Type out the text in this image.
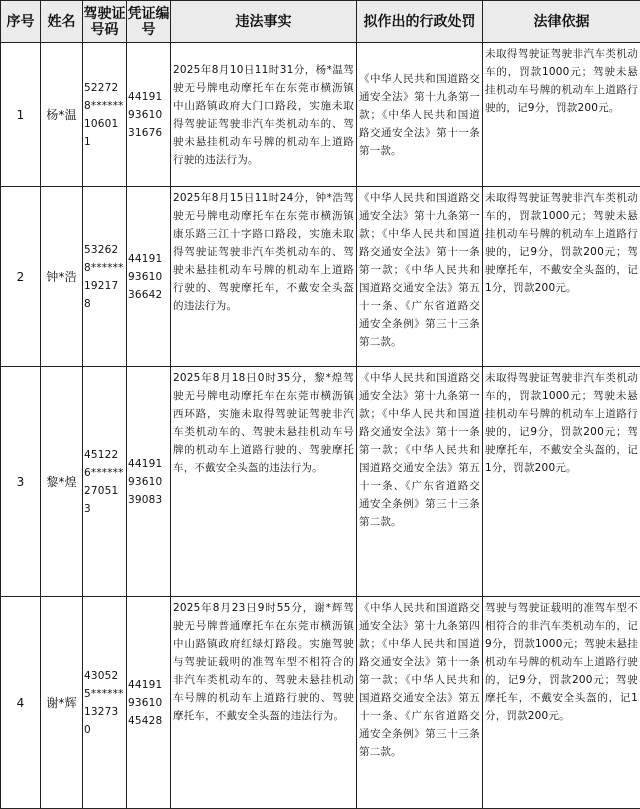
序号	姓名	驾驶证号码	凭证编号	违法事实	拟作出的行政处罚	法律依据
1	杨*温	522728******106011	441919361031676	2025年8月10日11时31分，杨*温驾驶无号牌电动摩托车在东莞市横沥镇中山路镇政府大门口路段，实施未取得驾驶证驾驶非汽车类机动车的、驾驶未悬挂机动车号牌的机动车上道路行驶的违法行为。	《中华人民共和国道路交通安全法》第十九条第一款；《中华人民共和国道路交通安全法》第十一条第一款。	未取得驾驶证驾驶非汽车类机动车的，罚款1000元；驾驶未悬挂机动车号牌的机动车上道路行驶的，记9分，罚款200元。
2	钟*浩	532628******192178	441919361036642	2025年8月15日11时24分，钟*浩驾驶无号牌电动摩托车在东莞市横沥镇康乐路三江十字路口路段，实施未取得驾驶证驾驶非汽车类机动车的、驾驶未悬挂机动车号牌的机动车上道路行驶的、驾驶摩托车，不戴安全头盔的违法行为。	《中华人民共和国道路交通安全法》第十九条第一款；《中华人民共和国道路交通安全法》第十一条第一款；《中华人民共和国道路交通安全法》第五十一条、《广东省道路交通安全条例》第三十三条第二款。	未取得驾驶证驾驶非汽车类机动车的，罚款1000元；驾驶未悬挂机动车号牌的机动车上道路行驶的，记9分，罚款200元；驾驶摩托车，不戴安全头盔的，记1分，罚款200元。
3	黎*煌	451226******270513	441919361039083	2025年8月18日0时35分，黎*煌驾驶无号牌电动摩托车在东莞市横沥镇西环路，实施未取得驾驶证驾驶非汽车类机动车的、驾驶未悬挂机动车号牌的机动车上道路行驶的、驾驶摩托车，不戴安全头盔的违法行为。	《中华人民共和国道路交通安全法》第十九条第一款；《中华人民共和国道路交通安全法》第十一条第一款；《中华人民共和国道路交通安全法》第五十一条、《广东省道路交通安全条例》第三十三条第二款。	未取得驾驶证驾驶非汽车类机动车的，罚款1000元；驾驶未悬挂机动车号牌的机动车上道路行驶的，记9分，罚款200元；驾驶摩托车，不戴安全头盔的，记1分，罚款200元。
4	谢*辉	430525******132730	441919361045428	2025年8月23日9时55分，谢*辉驾驶无号牌普通摩托车在东莞市横沥镇中山路镇政府红绿灯路段。实施驾驶与驾驶证载明的准驾车型不相符合的非汽车类机动车的、驾驶未悬挂机动车号牌的机动车上道路行驶的、驾驶摩托车，不戴安全头盔的违法行为。	《中华人民共和国道路交通安全法》第十九条第四款；《中华人民共和国道路交通安全法》第十一条第一款；《中华人民共和国道路交通安全法》第五十一条、《广东省道路交通安全条例》第三十三条第二款。	驾驶与驾驶证载明的准驾车型不相符合的非汽车类机动车的，记9分，罚款1000元；驾驶未悬挂机动车号牌的机动车上道路行驶的，记9分，罚款200元；驾驶摩托车，不戴安全头盔的，记1分，罚款200元。
